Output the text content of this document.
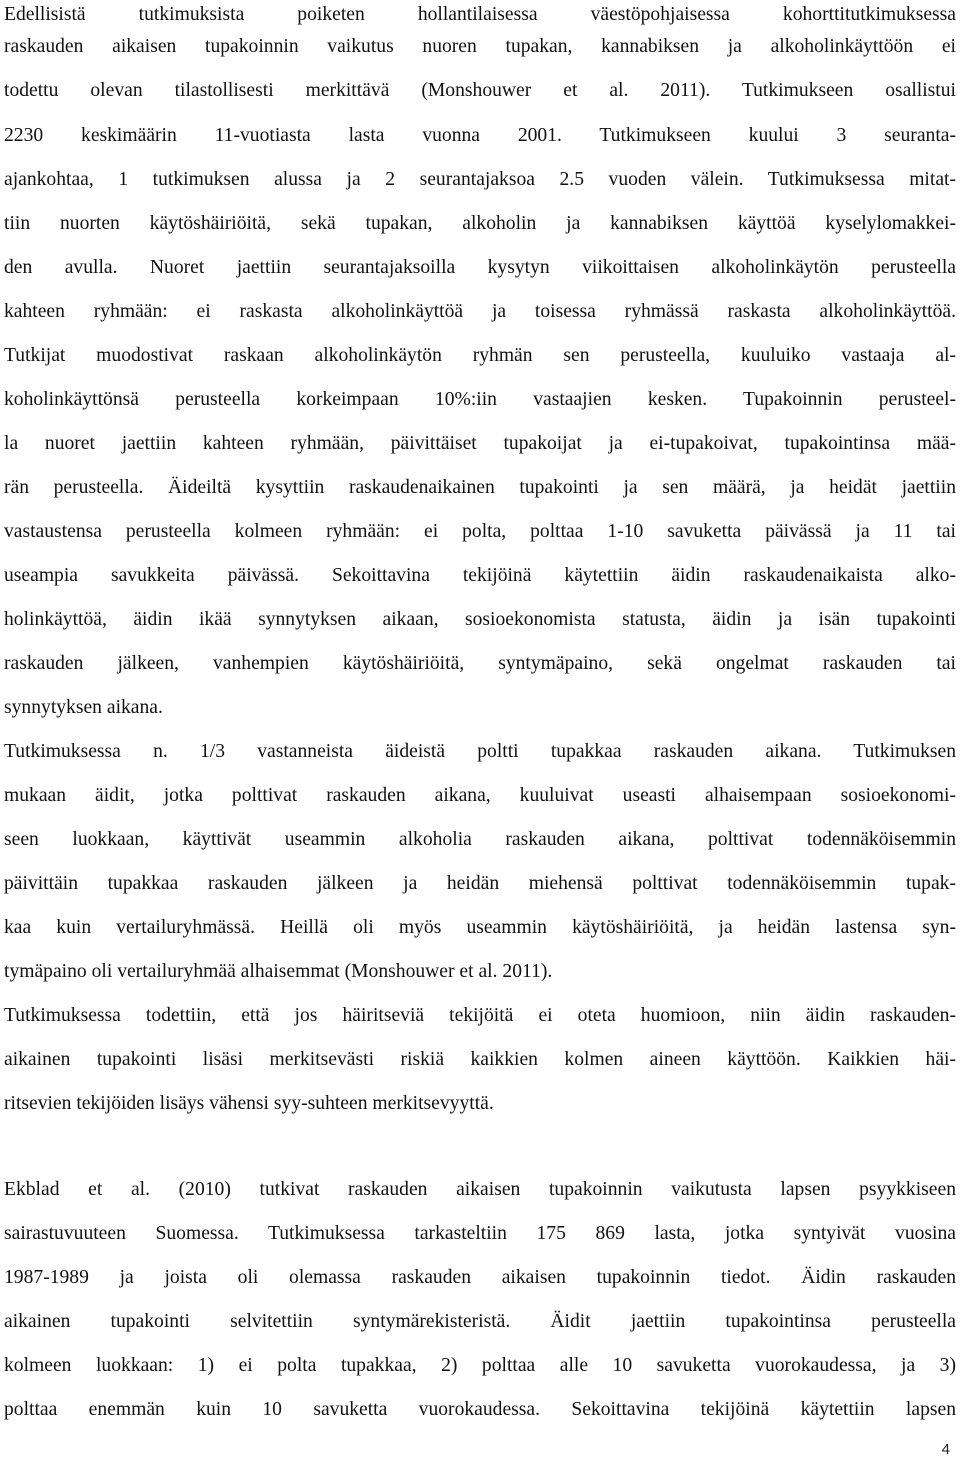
Edellisistä tutkimuksista poiketen hollantilaisessa väestöpohjaisessa kohorttitutkimuksessa
raskauden aikaisen tupakoinnin vaikutus nuoren tupakan, kannabiksen ja alkoholinkäyttöön ei
todettu olevan tilastollisesti merkittävä (Monshouwer et al. 2011). Tutkimukseen osallistui
2230 keskimäärin 11-vuotiasta lasta vuonna 2001. Tutkimukseen kuului 3 seuranta-
ajankohtaa, 1 tutkimuksen alussa ja 2 seurantajaksoa 2.5 vuoden välein. Tutkimuksessa mitat-
tiin nuorten käytöshäiriöitä, sekä tupakan, alkoholin ja kannabiksen käyttöä kyselylomakkei-
den avulla. Nuoret jaettiin seurantajaksoilla kysytyn viikoittaisen alkoholinkäytön perusteella
kahteen ryhmään: ei raskasta alkoholinkäyttöä ja toisessa ryhmässä raskasta alkoholinkäyttöä.
Tutkijat muodostivat raskaan alkoholinkäytön ryhmän sen perusteella, kuuluiko vastaaja al-
koholinkäyttönsä perusteella korkeimpaan 10%:iin vastaajien kesken. Tupakoinnin perusteel-
la nuoret jaettiin kahteen ryhmään, päivittäiset tupakoijat ja ei-tupakoivat, tupakointinsa mää-
rän perusteella. Äideiltä kysyttiin raskaudenaikainen tupakointi ja sen määrä, ja heidät jaettiin
vastaustensa perusteella kolmeen ryhmään: ei polta, polttaa 1-10 savuketta päivässä ja 11 tai
useampia savukkeita päivässä. Sekoittavina tekijöinä käytettiin äidin raskaudenaikaista alko-
holinkäyttöä, äidin ikää synnytyksen aikaan, sosioekonomista statusta, äidin ja isän tupakointi
raskauden jälkeen, vanhempien käytöshäiriöitä, syntymäpaino, sekä ongelmat raskauden tai
synnytyksen aikana.
Tutkimuksessa n. 1/3 vastanneista äideistä poltti tupakkaa raskauden aikana. Tutkimuksen
mukaan äidit, jotka polttivat raskauden aikana, kuuluivat useasti alhaisempaan sosioekonomi-
seen luokkaan, käyttivät useammin alkoholia raskauden aikana, polttivat todennäköisemmin
päivittäin tupakkaa raskauden jälkeen ja heidän miehensä polttivat todennäköisemmin tupak-
kaa kuin vertailuryhmässä. Heillä oli myös useammin käytöshäiriöitä, ja heidän lastensa syn-
tymäpaino oli vertailuryhmää alhaisemmat (Monshouwer et al. 2011).
Tutkimuksessa todettiin, että jos häiritseviä tekijöitä ei oteta huomioon, niin äidin raskauden-
aikainen tupakointi lisäsi merkitsevästi riskiä kaikkien kolmen aineen käyttöön. Kaikkien häi-
ritsevien tekijöiden lisäys vähensi syy-suhteen merkitsevyyttä.
Ekblad et al. (2010) tutkivat raskauden aikaisen tupakoinnin vaikutusta lapsen psyykkiseen
sairastuvuuteen Suomessa. Tutkimuksessa tarkasteltiin 175 869 lasta, jotka syntyivät vuosina
1987-1989 ja joista oli olemassa raskauden aikaisen tupakoinnin tiedot. Äidin raskauden
aikainen tupakointi selvitettiin syntymärekisteristä. Äidit jaettiin tupakointinsa perusteella
kolmeen luokkaan: 1) ei polta tupakkaa, 2) polttaa alle 10 savuketta vuorokaudessa, ja 3)
polttaa enemmän kuin 10 savuketta vuorokaudessa. Sekoittavina tekijöinä käytettiin lapsen
4
